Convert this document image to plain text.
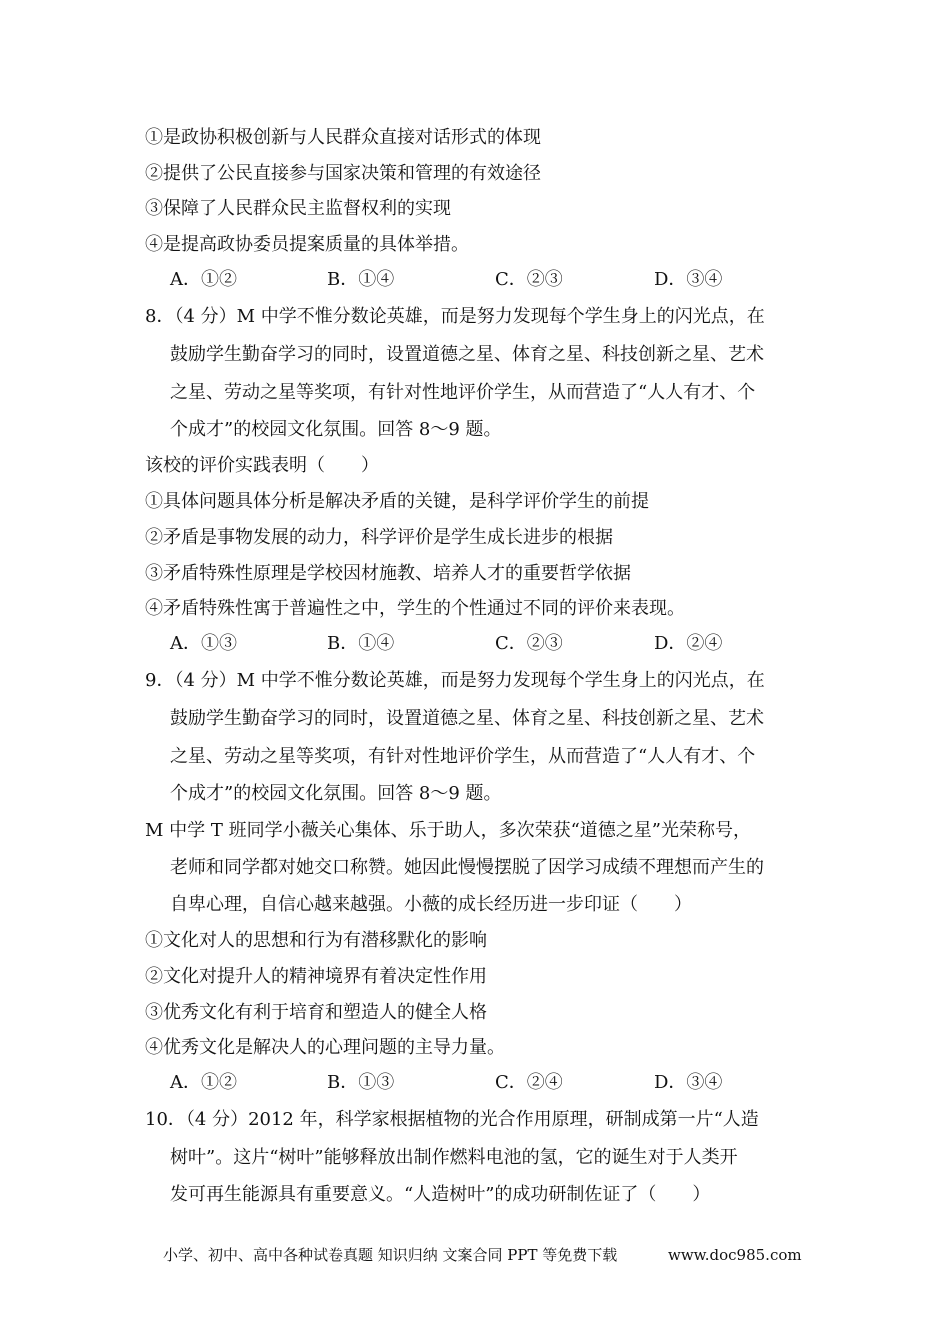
①是政协积极创新与人民群众直接对话形式的体现
②提供了公民直接参与国家决策和管理的有效途径
③保障了人民群众民主监督权利的实现
④是提高政协委员提案质量的具体举措。
A．①②	B．①④	C．②③	D．③④
8．（4 分）M 中学不惟分数论英雄，而是努力发现每个学生身上的闪光点，在
鼓励学生勤奋学习的同时，设置道德之星、体育之星、科技创新之星、艺术
之星、劳动之星等奖项，有针对性地评价学生，从而营造了“人人有才、个
个成才”的校园文化氛围。回答 8～9 题。
该校的评价实践表明（　　）
①具体问题具体分析是解决矛盾的关键，是科学评价学生的前提
②矛盾是事物发展的动力，科学评价是学生成长进步的根据
③矛盾特殊性原理是学校因材施教、培养人才的重要哲学依据
④矛盾特殊性寓于普遍性之中，学生的个性通过不同的评价来表现。
A．①③	B．①④	C．②③	D．②④
9．（4 分）M 中学不惟分数论英雄，而是努力发现每个学生身上的闪光点，在
鼓励学生勤奋学习的同时，设置道德之星、体育之星、科技创新之星、艺术
之星、劳动之星等奖项，有针对性地评价学生，从而营造了“人人有才、个
个成才”的校园文化氛围。回答 8～9 题。
M 中学 T 班同学小薇关心集体、乐于助人，多次荣获“道德之星”光荣称号，
老师和同学都对她交口称赞。她因此慢慢摆脱了因学习成绩不理想而产生的
自卑心理，自信心越来越强。小薇的成长经历进一步印证（　　）
①文化对人的思想和行为有潜移默化的影响
②文化对提升人的精神境界有着决定性作用
③优秀文化有利于培育和塑造人的健全人格
④优秀文化是解决人的心理问题的主导力量。
A．①②	B．①③	C．②④	D．③④
10．（4 分）2012 年，科学家根据植物的光合作用原理，研制成第一片“人造
树叶”。这片“树叶”能够释放出制作燃料电池的氢，它的诞生对于人类开
发可再生能源具有重要意义。“人造树叶”的成功研制佐证了（　　）
小学、初中、高中各种试卷真题 知识归纳 文案合同 PPT 等免费下载	www.doc985.com
